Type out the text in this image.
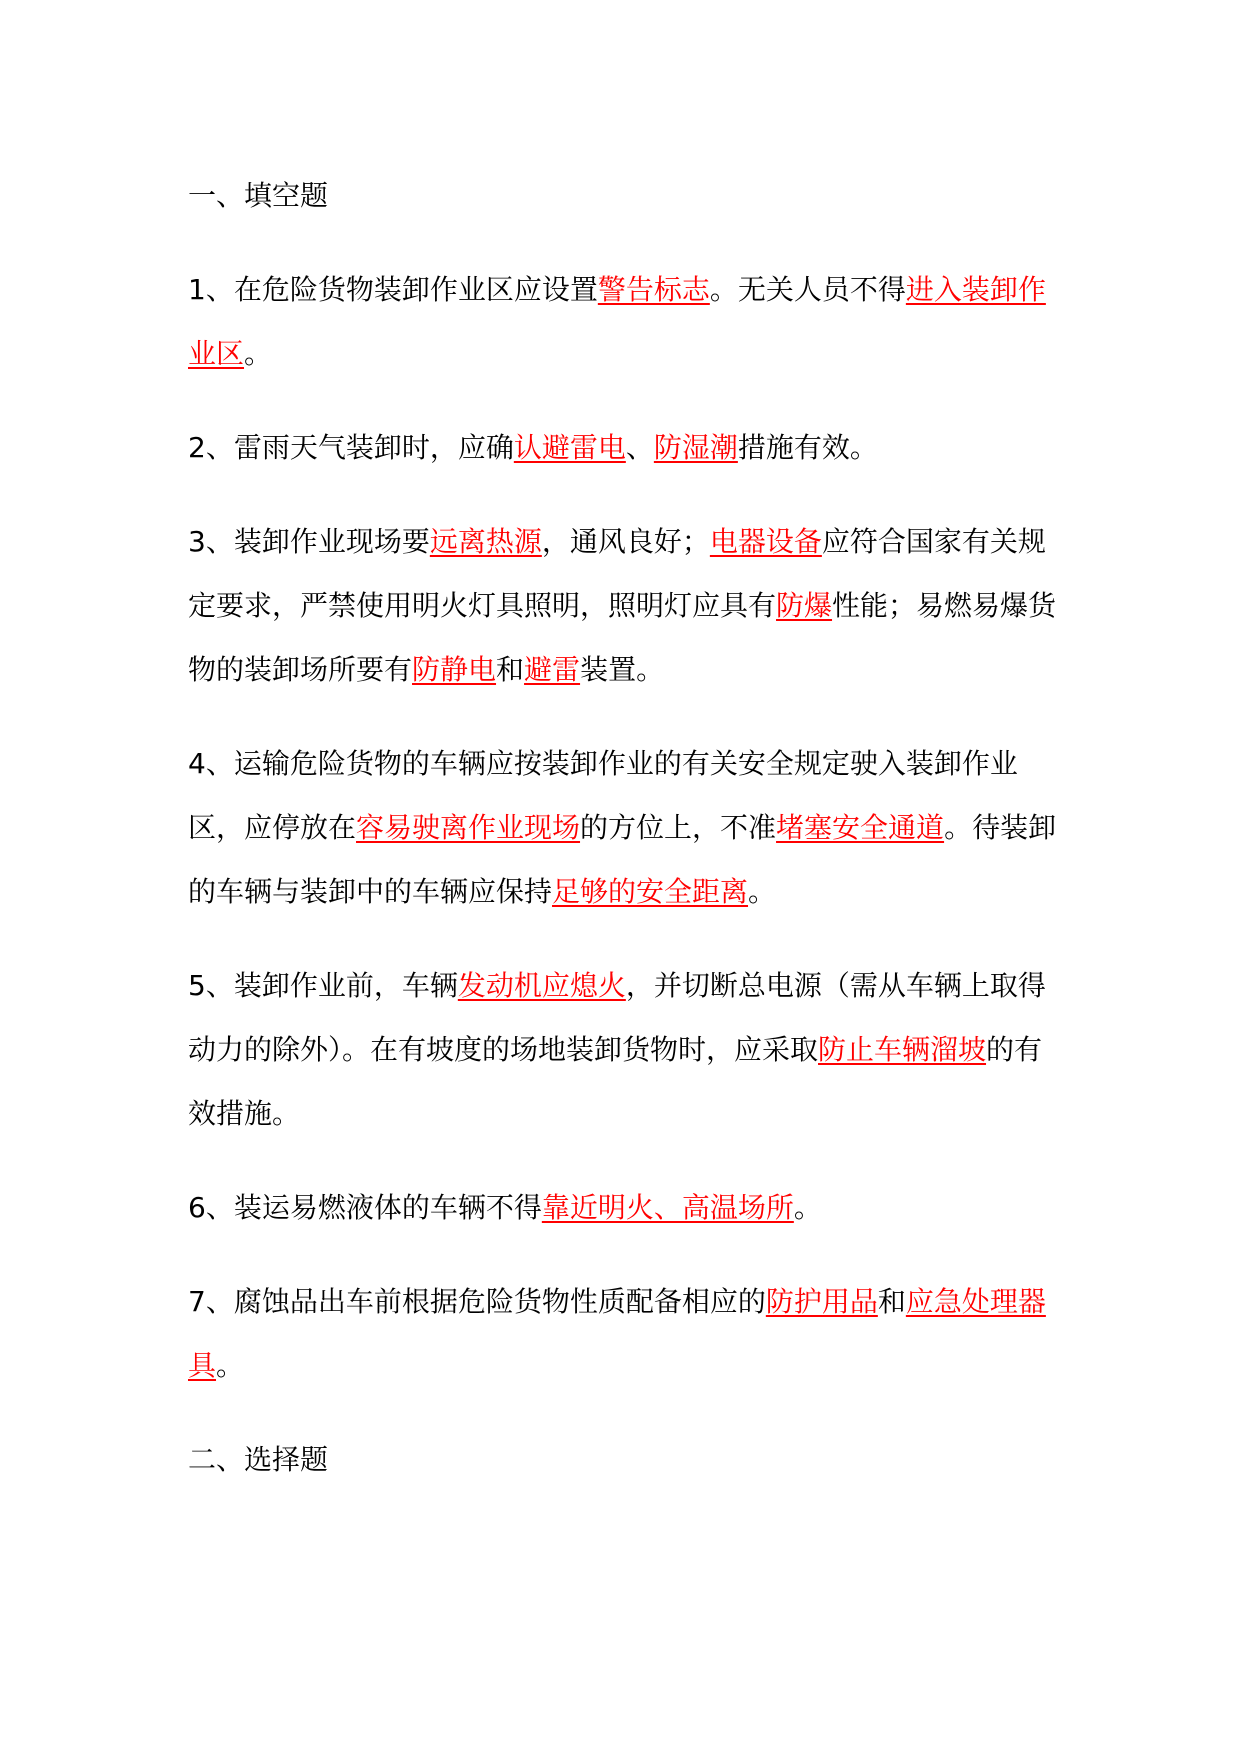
一、填空题

1、在危险货物装卸作业区应设置警告标志。无关人员不得进入装卸作业区。

2、雷雨天气装卸时，应确认避雷电、防湿潮措施有效。

3、装卸作业现场要远离热源，通风良好；电器设备应符合国家有关规定要求，严禁使用明火灯具照明，照明灯应具有防爆性能；易燃易爆货物的装卸场所要有防静电和避雷装置。

4、运输危险货物的车辆应按装卸作业的有关安全规定驶入装卸作业区，应停放在容易驶离作业现场的方位上，不准堵塞安全通道。待装卸的车辆与装卸中的车辆应保持足够的安全距离。

5、装卸作业前，车辆发动机应熄火，并切断总电源（需从车辆上取得动力的除外）。在有坡度的场地装卸货物时，应采取防止车辆溜坡的有效措施。

6、装运易燃液体的车辆不得靠近明火、高温场所。

7、腐蚀品出车前根据危险货物性质配备相应的防护用品和应急处理器具。

二、选择题
